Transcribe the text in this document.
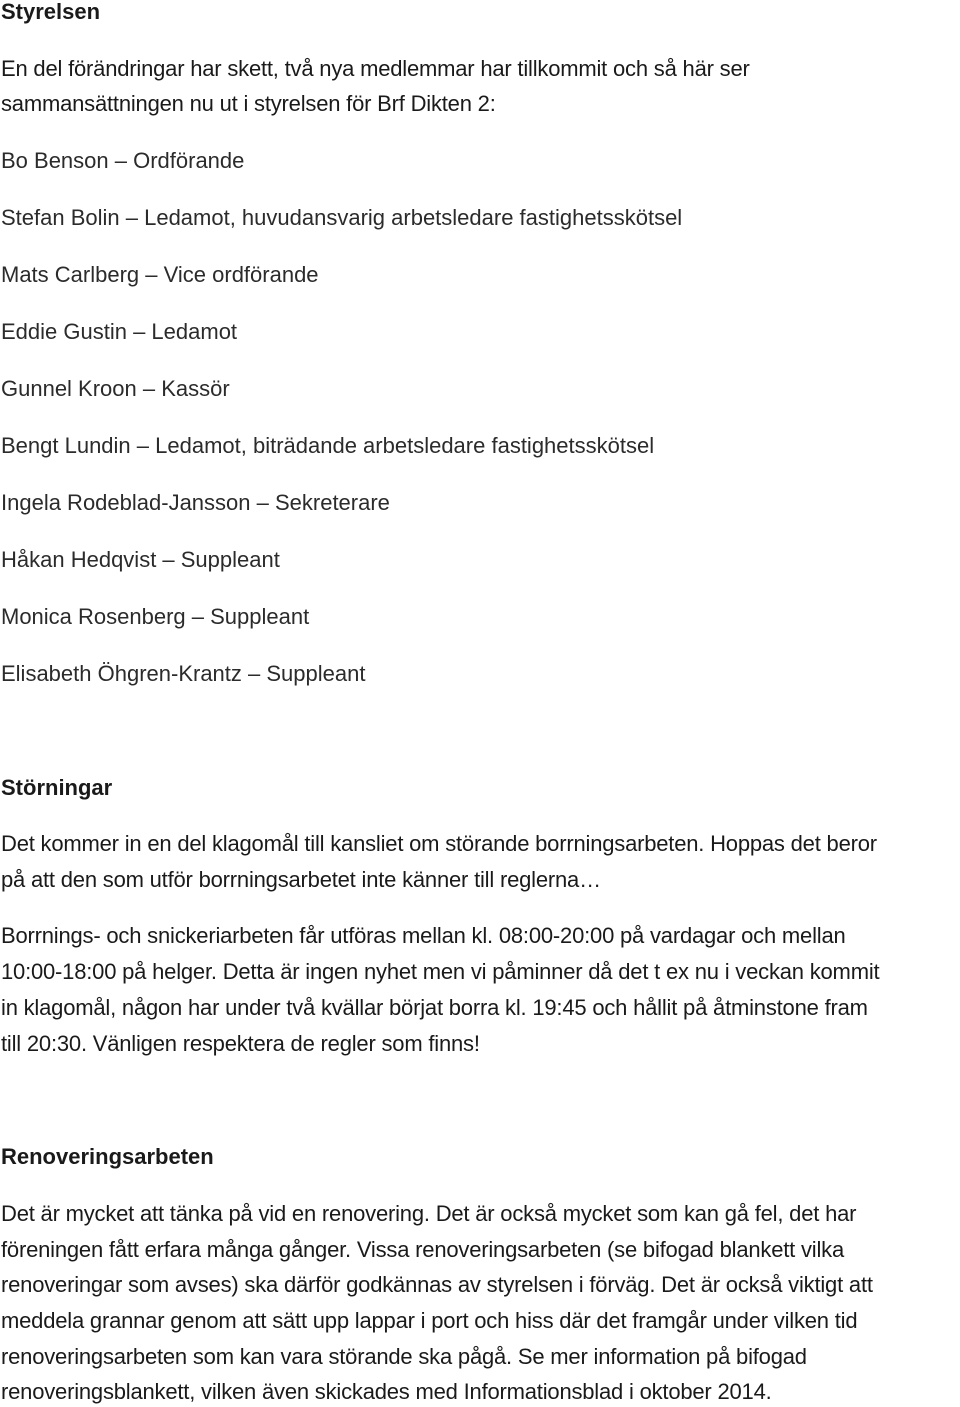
Styrelsen
En del förändringar har skett, två nya medlemmar har tillkommit och så här ser
sammansättningen nu ut i styrelsen för Brf Dikten 2:
Bo Benson – Ordförande
Stefan Bolin – Ledamot, huvudansvarig arbetsledare fastighetsskötsel
Mats Carlberg – Vice ordförande
Eddie Gustin – Ledamot
Gunnel Kroon – Kassör
Bengt Lundin – Ledamot, biträdande arbetsledare fastighetsskötsel
Ingela Rodeblad-Jansson – Sekreterare
Håkan Hedqvist – Suppleant
Monica Rosenberg – Suppleant
Elisabeth Öhgren-Krantz – Suppleant
Störningar
Det kommer in en del klagomål till kansliet om störande borrningsarbeten. Hoppas det beror
på att den som utför borrningsarbetet inte känner till reglerna…
Borrnings- och snickeriarbeten får utföras mellan kl. 08:00-20:00 på vardagar och mellan
10:00-18:00 på helger. Detta är ingen nyhet men vi påminner då det t ex nu i veckan kommit
in klagomål, någon har under två kvällar börjat borra kl. 19:45 och hållit på åtminstone fram
till 20:30. Vänligen respektera de regler som finns!
Renoveringsarbeten
Det är mycket att tänka på vid en renovering. Det är också mycket som kan gå fel, det har
föreningen fått erfara många gånger. Vissa renoveringsarbeten (se bifogad blankett vilka
renoveringar som avses) ska därför godkännas av styrelsen i förväg. Det är också viktigt att
meddela grannar genom att sätt upp lappar i port och hiss där det framgår under vilken tid
renoveringsarbeten som kan vara störande ska pågå. Se mer information på bifogad
renoveringsblankett, vilken även skickades med Informationsblad i oktober 2014.
